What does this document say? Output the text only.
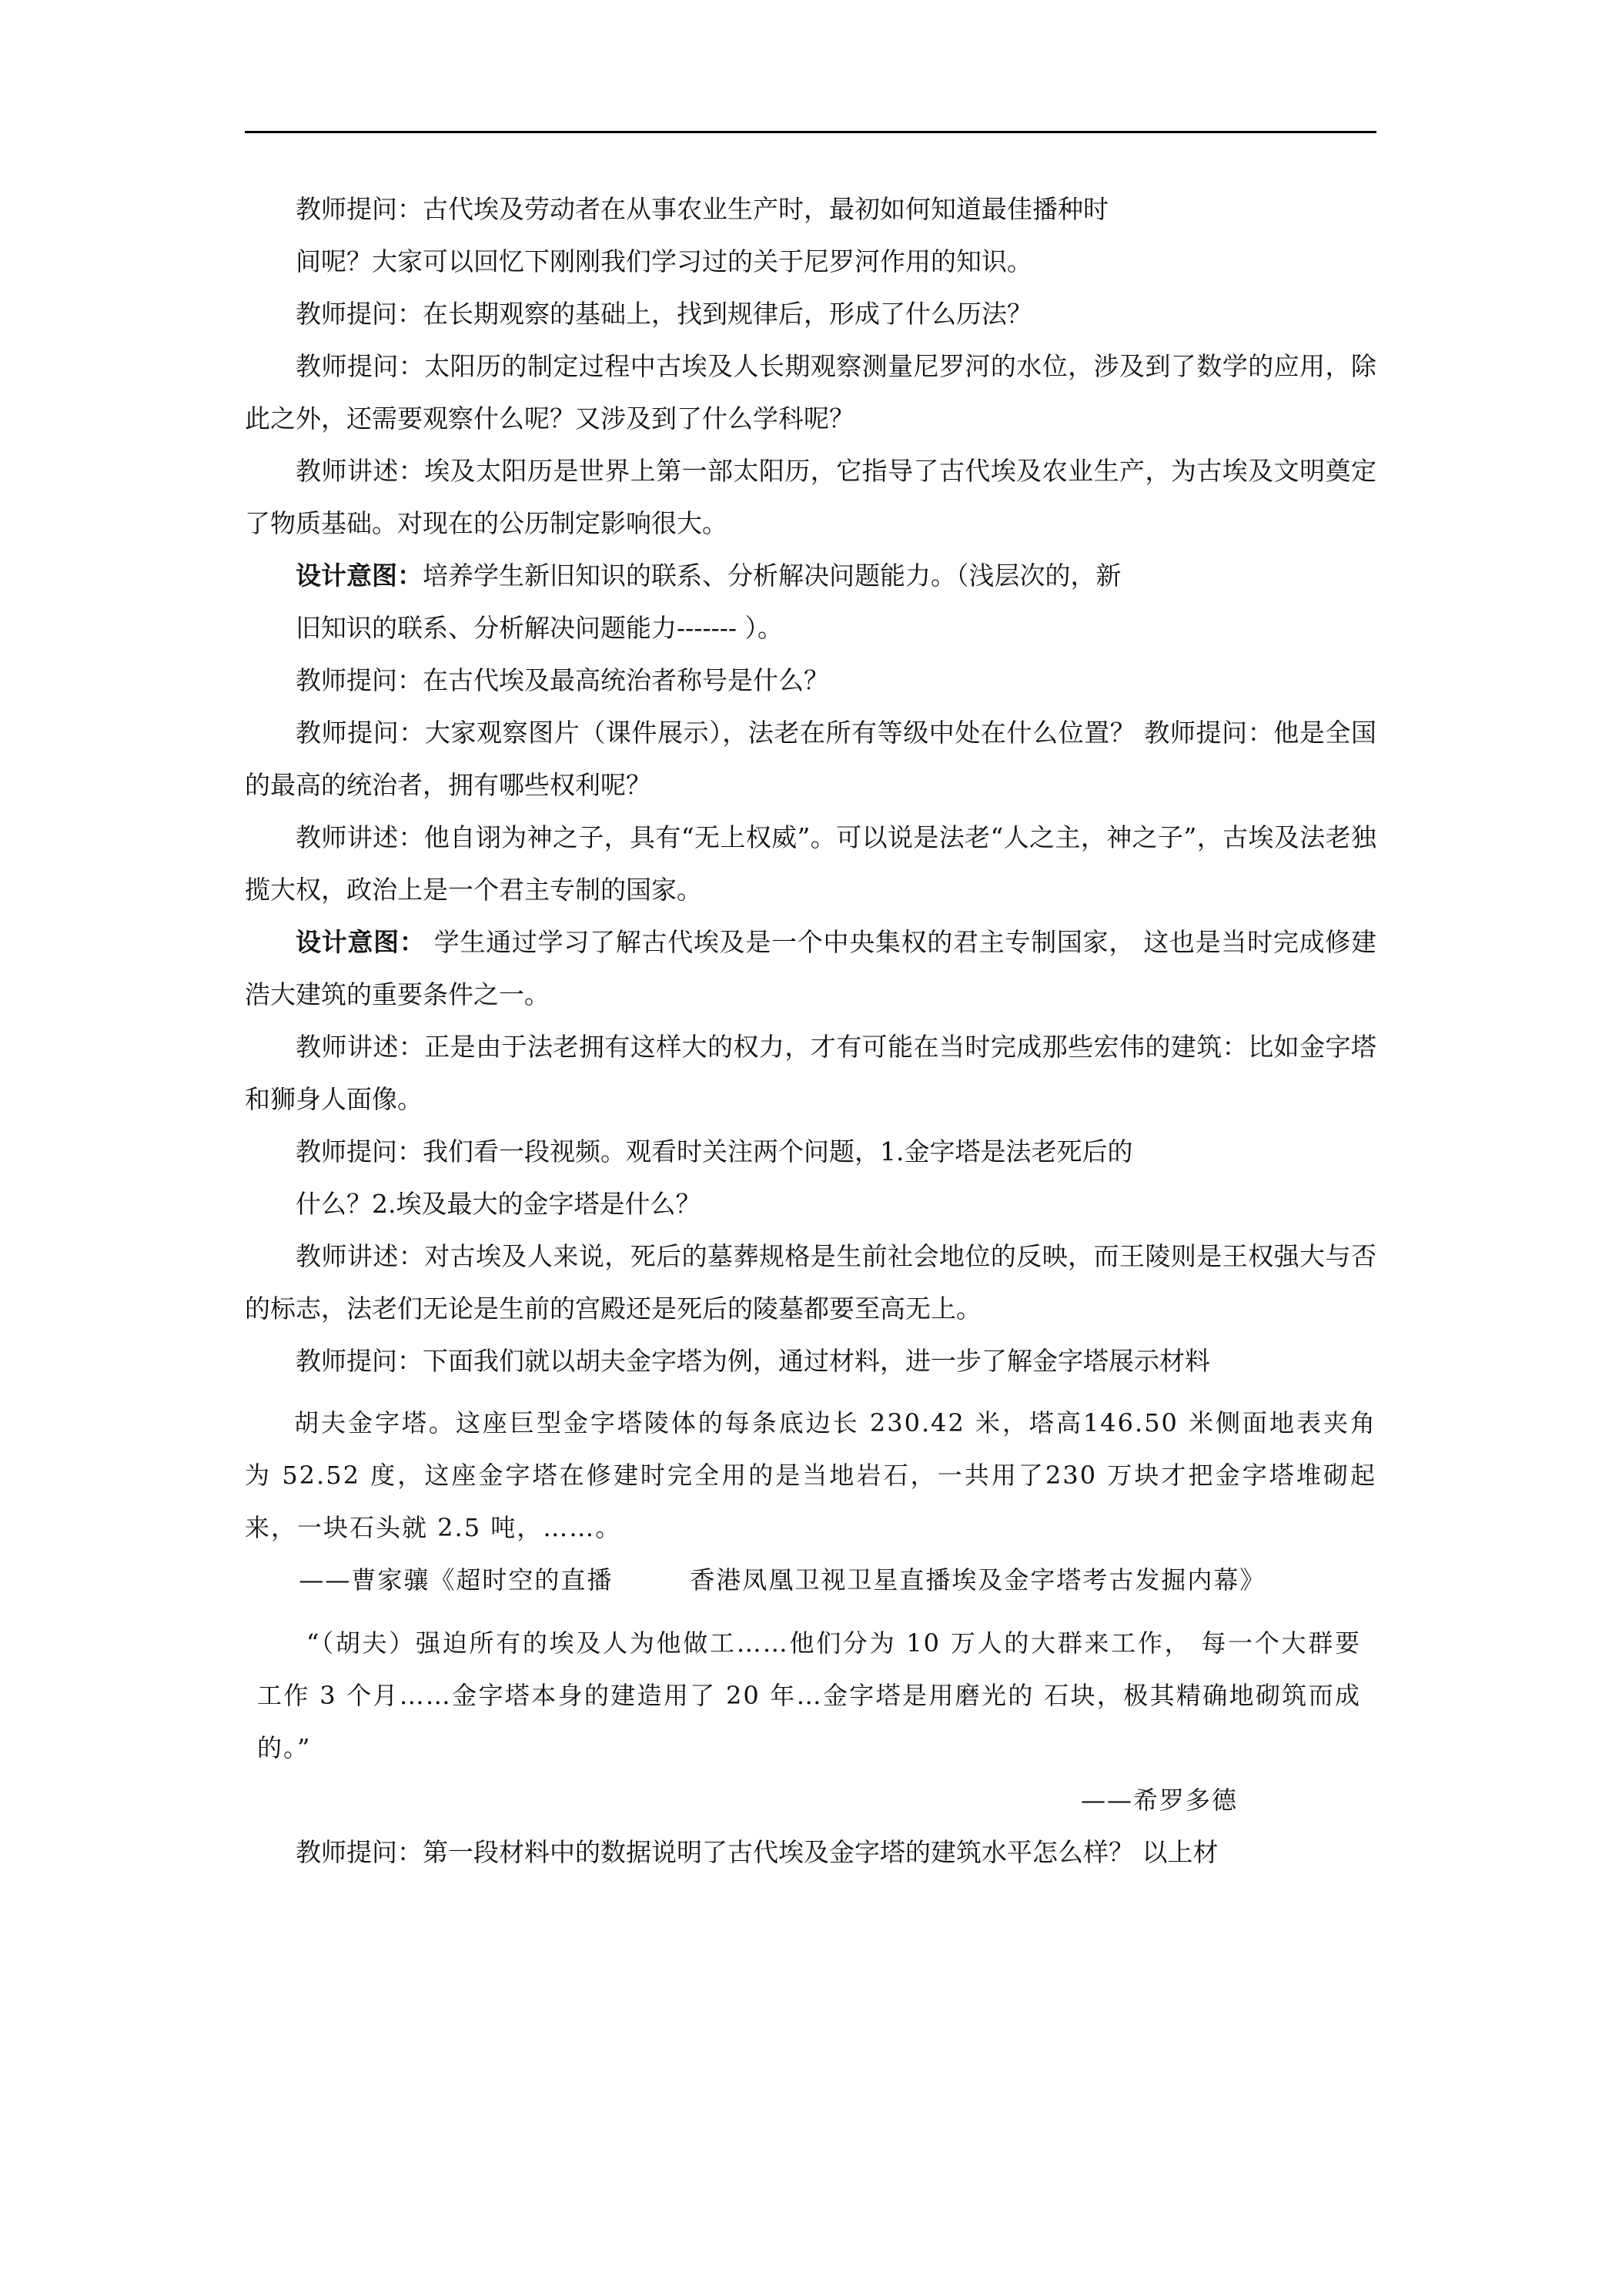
教师提问：古代埃及劳动者在从事农业生产时，最初如何知道最佳播种时

间呢？大家可以回忆下刚刚我们学习过的关于尼罗河作用的知识。

教师提问：在长期观察的基础上，找到规律后，形成了什么历法？

教师提问：太阳历的制定过程中古埃及人长期观察测量尼罗河的水位，涉及到了数学的应用，除此之外，还需要观察什么呢？又涉及到了什么学科呢？

教师讲述：埃及太阳历是世界上第一部太阳历，它指导了古代埃及农业生产，为古埃及文明奠定了物质基础。对现在的公历制定影响很大。

设计意图：培养学生新旧知识的联系、分析解决问题能力。（浅层次的，新

旧知识的联系、分析解决问题能力------- ）。

教师提问：在古代埃及最高统治者称号是什么？

教师提问：大家观察图片（课件展示），法老在所有等级中处在什么位置？ 教师提问：他是全国的最高的统治者，拥有哪些权利呢？

教师讲述：他自诩为神之子，具有“无上权威”。可以说是法老“人之主，神之子”，古埃及法老独揽大权，政治上是一个君主专制的国家。

设计意图： 学生通过学习了解古代埃及是一个中央集权的君主专制国家， 这也是当时完成修建浩大建筑的重要条件之一。

教师讲述：正是由于法老拥有这样大的权力，才有可能在当时完成那些宏伟的建筑：比如金字塔和狮身人面像。

教师提问：我们看一段视频。观看时关注两个问题，1.金字塔是法老死后的

什么？2.埃及最大的金字塔是什么？

教师讲述：对古埃及人来说，死后的墓葬规格是生前社会地位的反映，而王陵则是王权强大与否的标志，法老们无论是生前的宫殿还是死后的陵墓都要至高无上。

教师提问：下面我们就以胡夫金字塔为例，通过材料，进一步了解金字塔展示材料

胡夫金字塔。这座巨型金字塔陵体的每条底边长 230.42 米，塔高146.50 米侧面地表夹角为 52.52 度，这座金字塔在修建时完全用的是当地岩石，一共用了230 万块才把金字塔堆砌起来，一块石头就 2.5 吨，……。

——曹家骧《超时空的直播	香港凤凰卫视卫星直播埃及金字塔考古发掘内幕》

“（胡夫）强迫所有的埃及人为他做工……他们分为 10 万人的大群来工作， 每一个大群要工作 3 个月……金字塔本身的建造用了 20 年…金字塔是用磨光的 石块，极其精确地砌筑而成的。”

——希罗多德

教师提问：第一段材料中的数据说明了古代埃及金字塔的建筑水平怎么样？ 以上材
